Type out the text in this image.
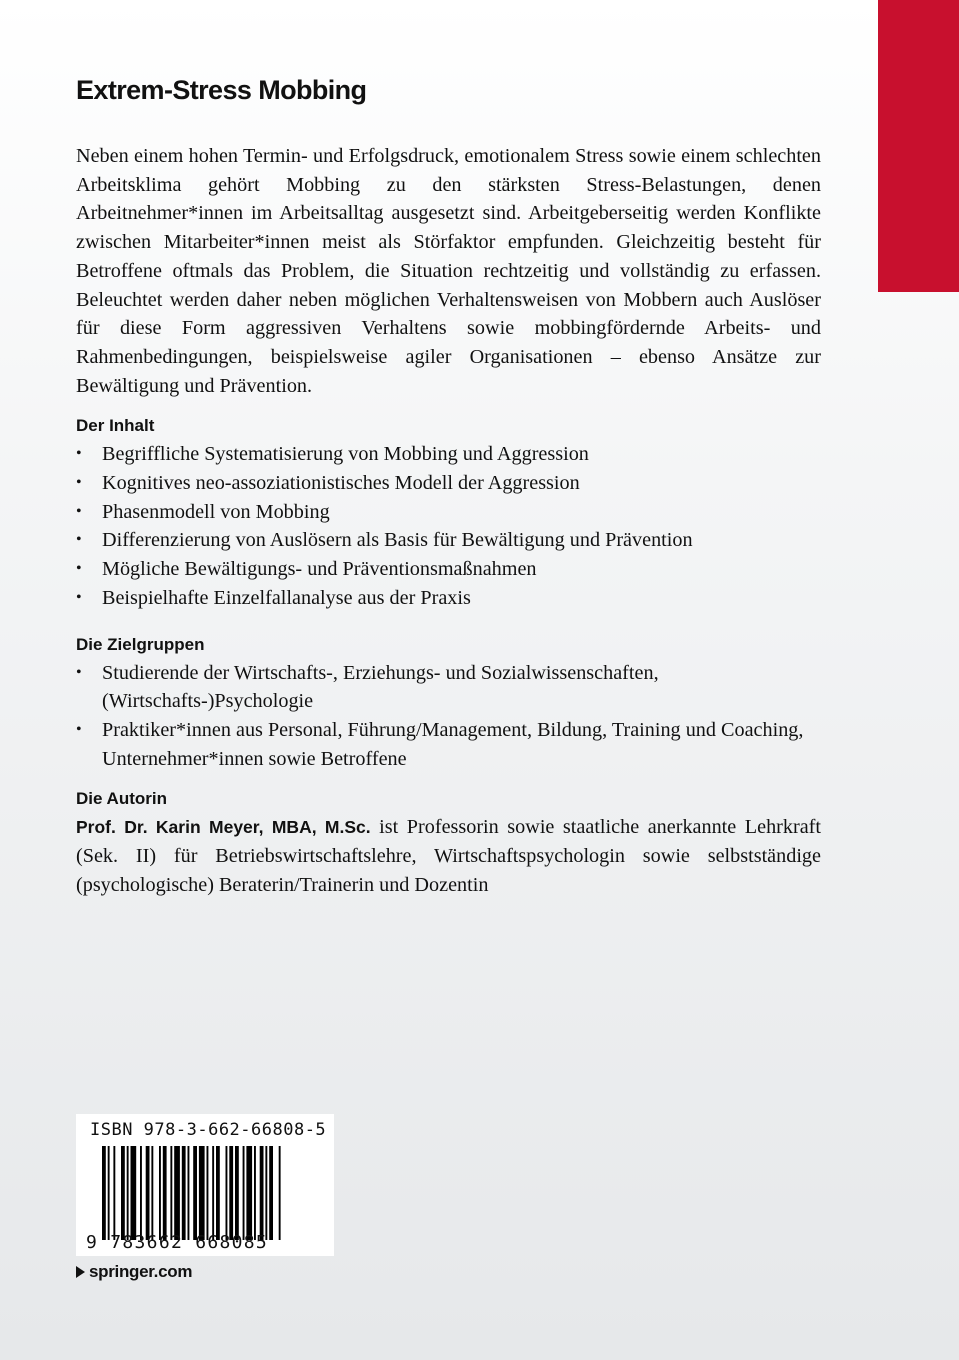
Extrem-Stress Mobbing

Neben einem hohen Termin- und Erfolgsdruck, emotionalem Stress sowie einem schlechten Arbeitsklima gehört Mobbing zu den stärksten Stress-Belastungen, denen Arbeitnehmer*innen im Arbeitsalltag ausgesetzt sind. Arbeitgeberseitig werden Konflikte zwischen Mitarbeiter*innen meist als Störfaktor empfunden. Gleichzeitig besteht für Betroffene oftmals das Problem, die Situation rechtzeitig und vollständig zu erfassen. Beleuchtet werden daher neben möglichen Verhaltensweisen von Mobbern auch Auslöser für diese Form aggressiven Verhaltens sowie mobbingfördernde Arbeits- und Rahmenbedingungen, beispielsweise agiler Organisationen – ebenso Ansätze zur Bewältigung und Prävention.

Der Inhalt
• Begriffliche Systematisierung von Mobbing und Aggression
• Kognitives neo-assoziationistisches Modell der Aggression
• Phasenmodell von Mobbing
• Differenzierung von Auslösern als Basis für Bewältigung und Prävention
• Mögliche Bewältigungs- und Präventionsmaßnahmen
• Beispielhafte Einzelfallanalyse aus der Praxis
Die Zielgruppen
• Studierende der Wirtschafts-, Erziehungs- und Sozialwissenschaften, (Wirtschafts-)Psychologie
• Praktiker*innen aus Personal, Führung/Management, Bildung, Training und Coaching, Unternehmer*innen sowie Betroffene
Die Autorin

Prof. Dr. Karin Meyer, MBA, M.Sc. ist Professorin sowie staatliche anerkannte Lehrkraft (Sek. II) für Betriebswirtschaftslehre, Wirtschaftspsychologin sowie selbstständige (psychologische) Beraterin/Trainerin und Dozentin

ISBN 978-3-662-66808-5
9 783662 668085
springer.com
